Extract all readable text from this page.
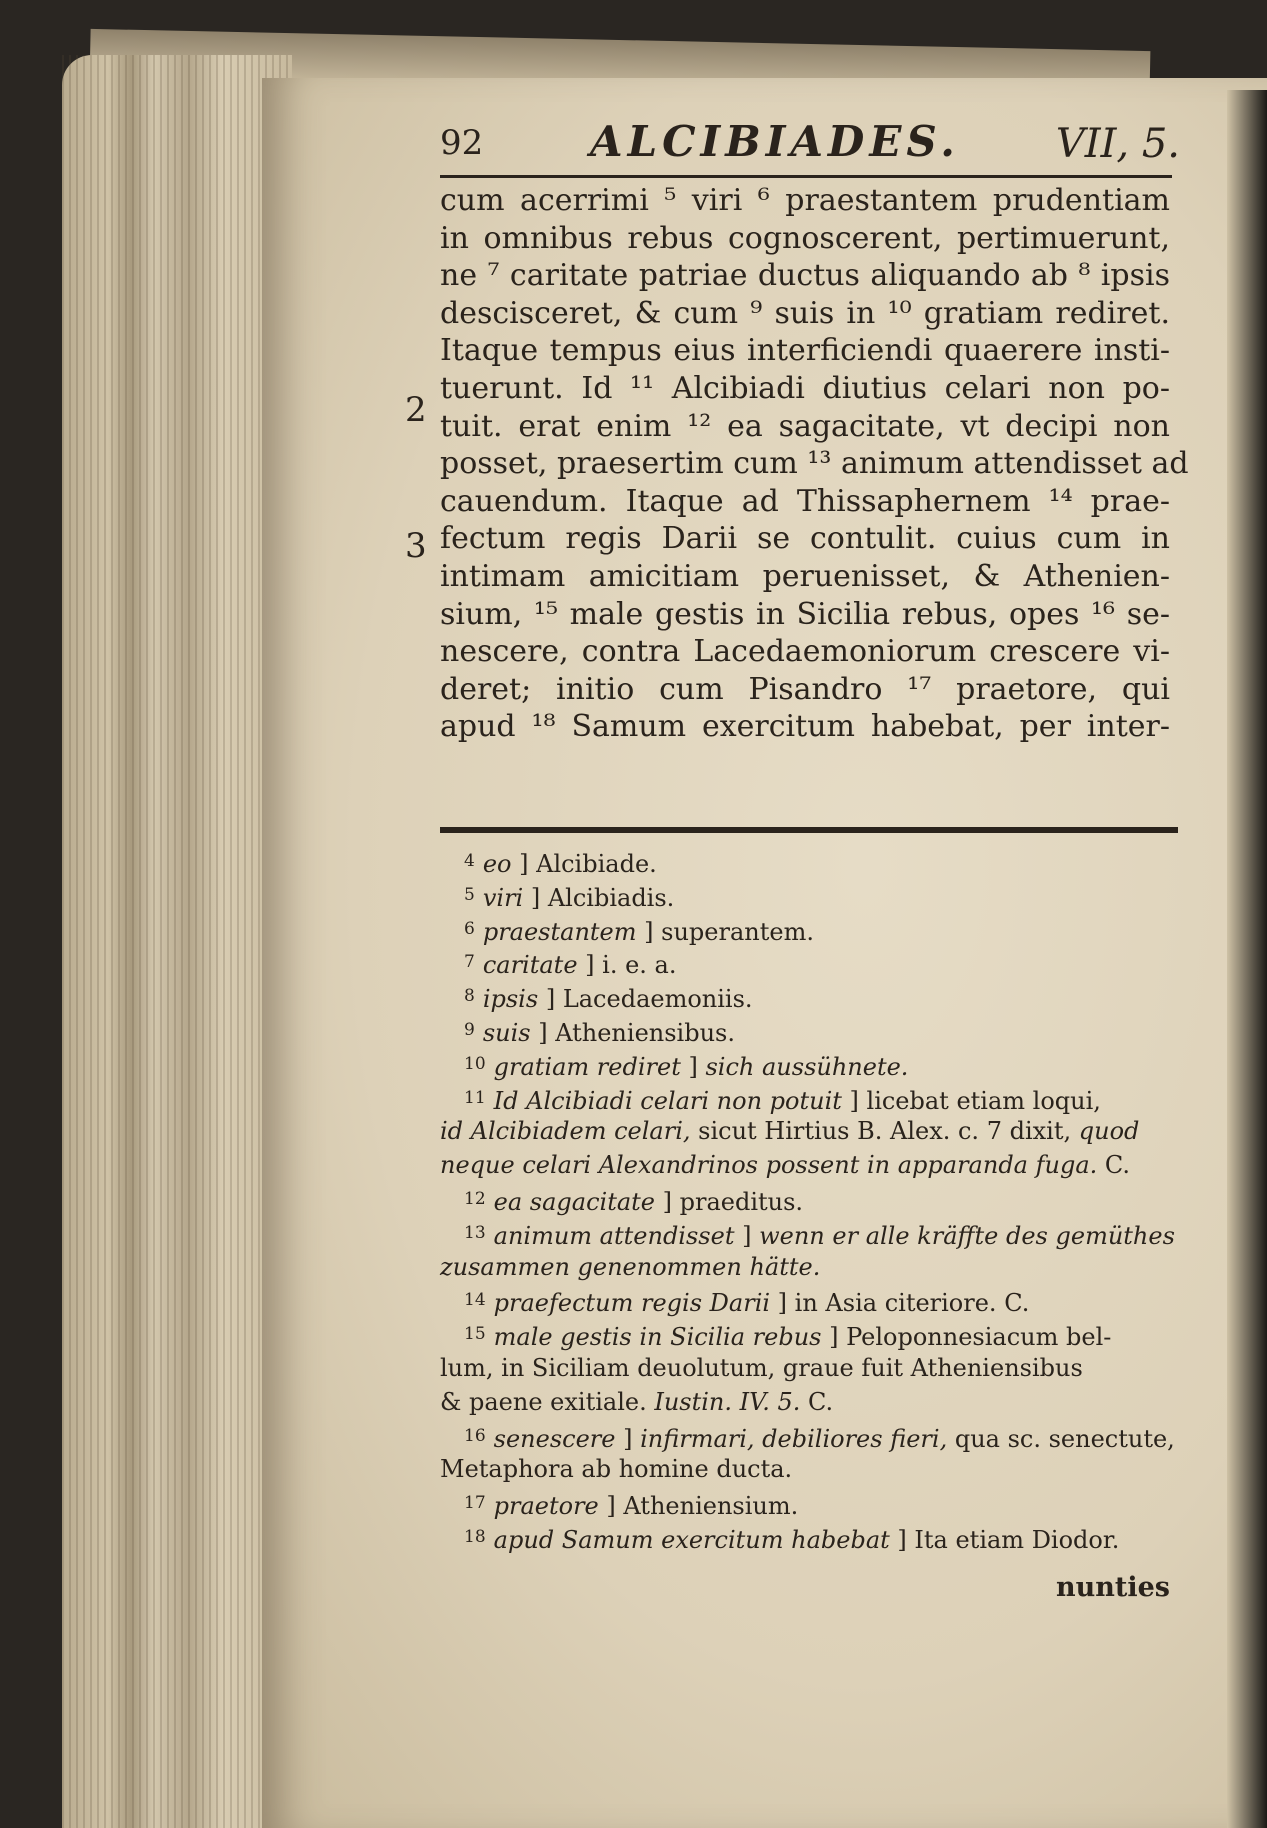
92	ALCIBIADES. VII, 5.
cum acerrimi ⁵ viri ⁶ praestantem prudentiam
in omnibus rebus cognoscerent, pertimuerunt,
ne ⁷ caritate patriae ductus aliquando ab ⁸ ipsis
descisceret, & cum ⁹ suis in ¹⁰ gratiam rediret.
Itaque tempus eius interficiendi quaerere insti-
tuerunt. Id ¹¹ Alcibiadi diutius celari non po-
tuit. erat enim ¹² ea sagacitate, vt decipi non
posset, praesertim cum ¹³ animum attendisset ad
cauendum. Itaque ad Thissaphernem ¹⁴ prae-
fectum regis Darii se contulit. cuius cum in
intimam amicitiam peruenisset, & Athenien-
sium, ¹⁵ male gestis in Sicilia rebus, opes ¹⁶ se-
nescere, contra Lacedaemoniorum crescere vi-
deret; initio cum Pisandro ¹⁷ praetore, qui
apud ¹⁸ Samum exercitum habebat, per inter-
2
3
$^4$ eo ] Alcibiade.
$^5$ viri ] Alcibiadis.
$^6$ praestantem ] superantem.
$^7$ caritate ] i. e. a.
$^8$ ipsis ] Lacedaemoniis.
$^9$ suis ] Atheniensibus.
$^{10}$ gratiam rediret ] sich aussühnete.
$^{11}$ Id Alcibiadi celari non potuit ] licebat etiam loqui,
id Alcibiadem celari, sicut Hirtius B. Alex. c. 7 dixit, quod
neque celari Alexandrinos possent in apparanda fuga. C.
$^{12}$ ea sagacitate ] praeditus.
$^{13}$ animum attendisset ] wenn er alle kräffte des gemüthes
zusammen genenommen hätte.
$^{14}$ praefectum regis Darii ] in Asia citeriore. C.
$^{15}$ male gestis in Sicilia rebus ] Peloponnesiacum bel-
lum, in Siciliam deuolutum, graue fuit Atheniensibus
& paene exitiale. Iustin. IV. 5. C.
$^{16}$ senescere ] infirmari, debiliores fieri, qua sc. senectute,
Metaphora ab homine ducta.
$^{17}$ praetore ] Atheniensium.
$^{18}$ apud Samum exercitum habebat ] Ita etiam Diodor.
nunties
